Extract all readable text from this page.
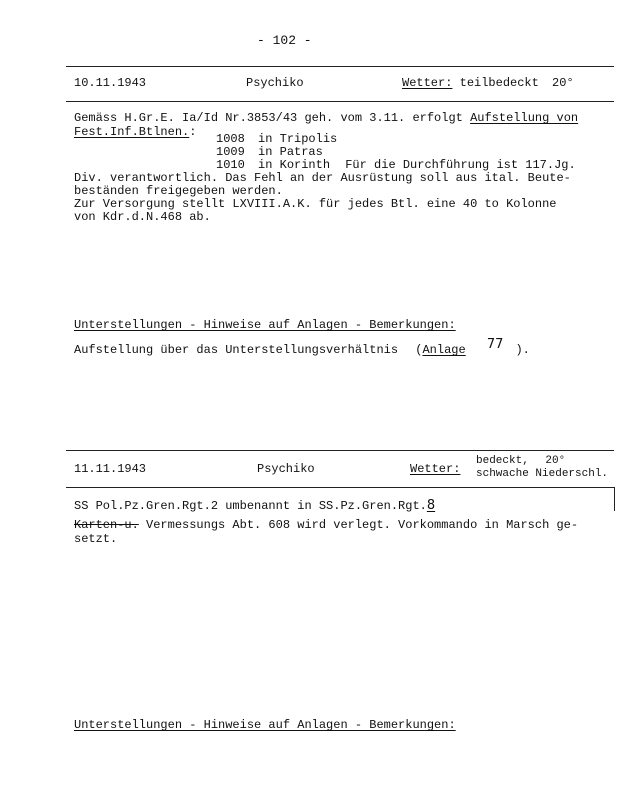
- 102 -
10.11.1943	Psychiko	Wetter: teilbedeckt 20°
Gemäss H.Gr.E. Ia/Id Nr.3853/43 geh. vom 3.11. erfolgt Aufstellung von
Fest.Inf.Btlnen.: 1008 in Tripolis
1009 in Patras
1010 in Korinth Für die Durchführung ist 117.Jg.
Div. verantwortlich. Das Fehl an der Ausrüstung soll aus ital. Beute-
beständen freigegeben werden.
Zur Versorgung stellt LXVIII.A.K. für jedes Btl. eine 40 to Kolonne
von Kdr.d.N.468 ab.
Unterstellungen - Hinweise auf Anlagen - Bemerkungen:
Aufstellung über das Unterstellungsverhältnis (Anlage 77 ).
11.11.1943	Psychiko	Wetter:
bedeckt, 20°
schwache Niederschl.
SS Pol.Pz.Gren.Rgt.2 umbenannt in SS.Pz.Gren.Rgt.8
Karten-u. Vermessungs Abt. 608 wird verlegt. Vorkommando in Marsch ge-
setzt.
Unterstellungen - Hinweise auf Anlagen - Bemerkungen:
